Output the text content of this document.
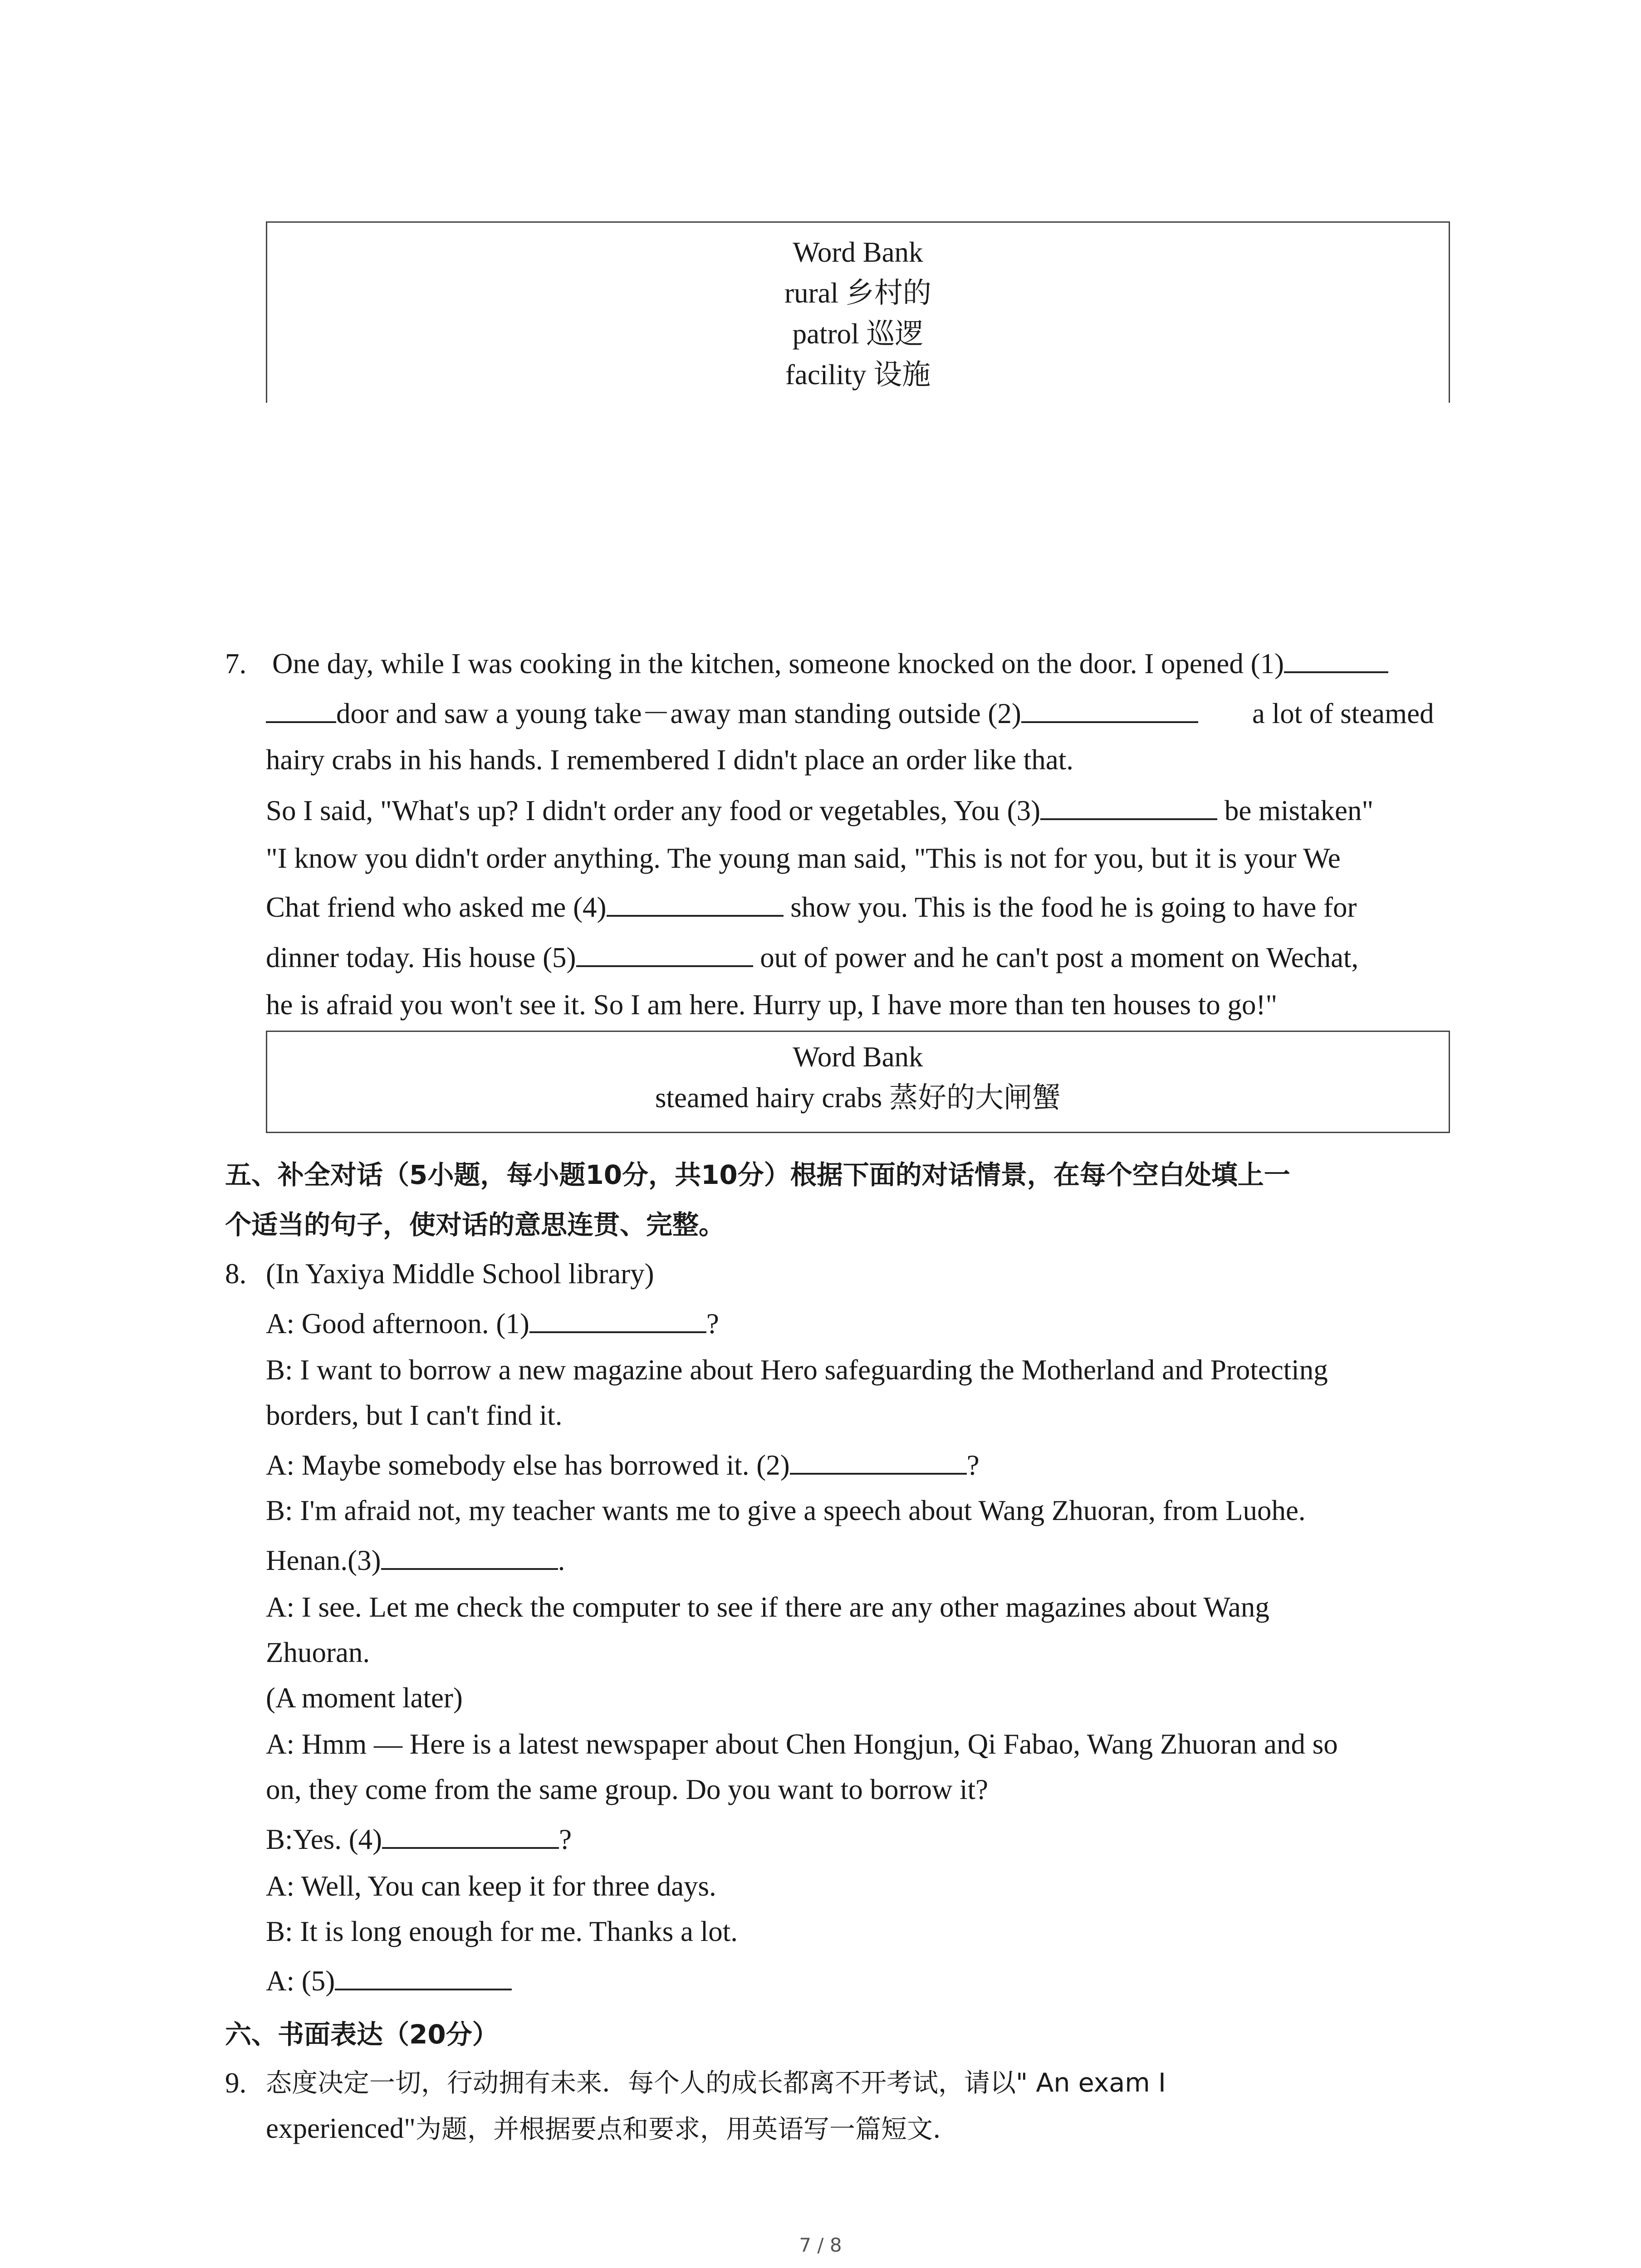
Word Bank
rural 乡村的
patrol 巡逻
facility 设施
7. One day, while I was cooking in the kitchen, someone knocked on the door. I opened (1)
door and saw a young take－away man standing outside (2)	a lot of steamed
hairy crabs in his hands. I remembered I didn't place an order like that.
So I said, "What's up? I didn't order any food or vegetables, You (3)	be mistaken"
"I know you didn't order anything. The young man said, "This is not for you, but it is your We
Chat friend who asked me (4)	show you. This is the food he is going to have for
dinner today. His house (5)	out of power and he can't post a moment on Wechat,
he is afraid you won't see it. So I am here. Hurry up, I have more than ten houses to go!"
Word Bank
steamed hairy crabs 蒸好的大闸蟹
五、补全对话（5小题，每小题10分，共10分）根据下面的对话情景，在每个空白处填上一
个适当的句子，使对话的意思连贯、完整。
8. (In Yaxiya Middle School library)
A: Good afternoon. (1)	?
B: I want to borrow a new magazine about Hero safeguarding the Motherland and Protecting
borders, but I can't find it.
A: Maybe somebody else has borrowed it. (2)	?
B: I'm afraid not, my teacher wants me to give a speech about Wang Zhuoran, from Luohe.
Henan.(3)	.
A: I see. Let me check the computer to see if there are any other magazines about Wang
Zhuoran.
(A moment later)
A: Hmm — Here is a latest newspaper about Chen Hongjun, Qi Fabao, Wang Zhuoran and so
on, they come from the same group. Do you want to borrow it?
B:Yes. (4)	?
A: Well, You can keep it for three days.
B: It is long enough for me. Thanks a lot.
A: (5)
六、书面表达（20分）
9. 态度决定一切，行动拥有未来．每个人的成长都离不开考试，请以" An exam I
experienced"为题，并根据要点和要求，用英语写一篇短文．
7 / 8
